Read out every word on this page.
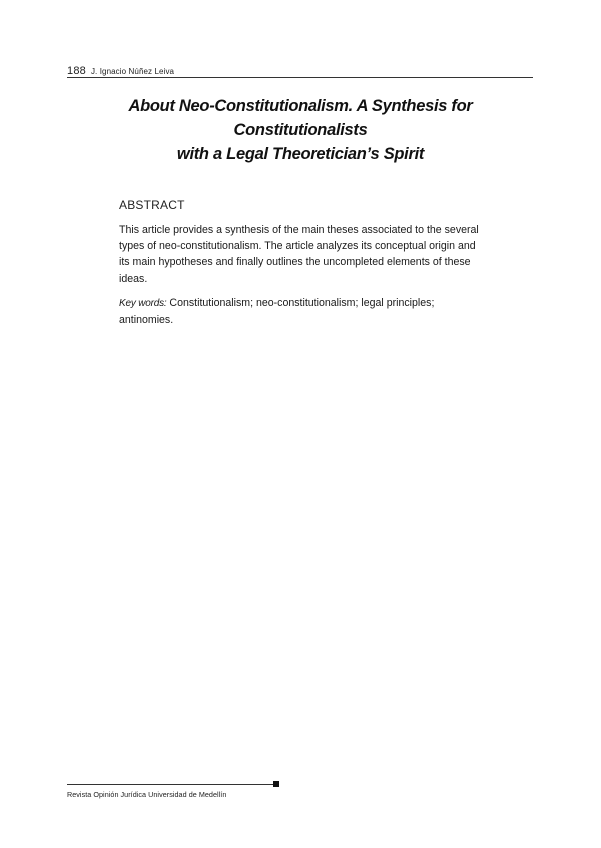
188 J. Ignacio Núñez Leiva
About Neo-Constitutionalism. A Synthesis for Constitutionalists
with a Legal Theoretician’s Spirit
ABSTRACT

This article provides a synthesis of the main theses associated to the several types of neo-constitutionalism. The article analyzes its conceptual origin and its main hypotheses and finally outlines the uncompleted elements of these ideas.

Key words: Constitutionalism; neo-constitutionalism; legal principles; antinomies.

Revista Opinión Jurídica Universidad de Medellín
